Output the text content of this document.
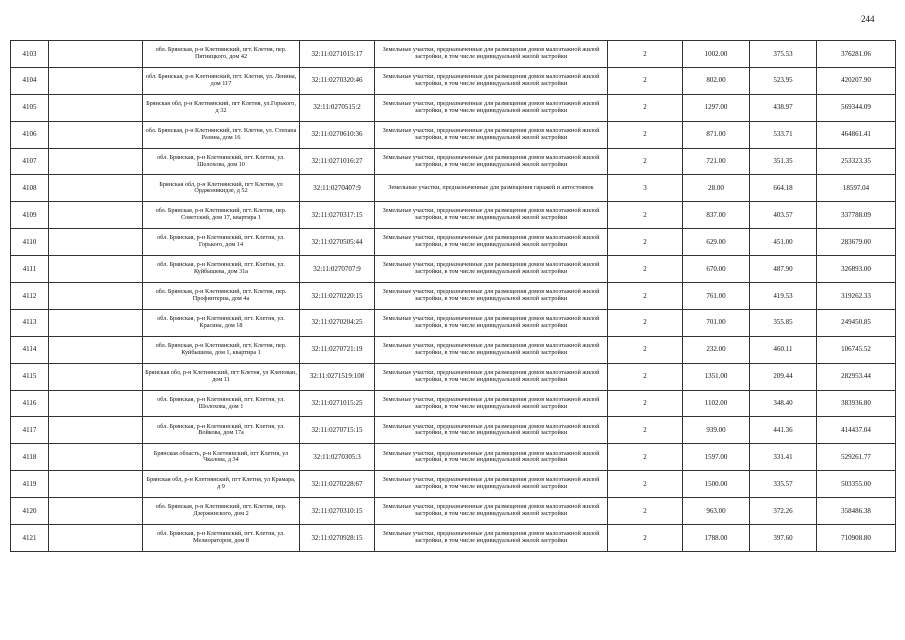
244
4103		обл. Брянская, р-н Клетнянский, пгт. Клетня, пер. Пятницкого, дом 42	32:11:0271015:17	Земельные участки, предназначенные для размещения домов малоэтажной жилой застройки, в том числе индивидуальной жилой застройки	2	1002.00	375.53	376281.06
4104		обл. Брянская, р-н Клетнянский, пгт. Клетня, ул. Ленина, дом 117	32:11:0270320:46	Земельные участки, предназначенные для размещения домов малоэтажной жилой застройки, в том числе индивидуальной жилой застройки	2	802.00	523.95	420207.90
4105		Брянская обл, р-н Клетнянский, пгт Клетня, ул.Горького, д 32	32:11:0270515:2	Земельные участки, предназначенные для размещения домов малоэтажной жилой застройки, в том числе индивидуальной жилой застройки	2	1297.00	438.97	569344.09
4106		обл. Брянская, р-н Клетнянский, пгт. Клетня, ул. Степана Разина, дом 16	32:11:0270610:36	Земельные участки, предназначенные для размещения домов малоэтажной жилой застройки, в том числе индивидуальной жилой застройки	2	871.00	533.71	464861.41
4107		обл. Брянская, р-н Клетнянский, пгт. Клетня, ул. Шолохова, дом 10	32:11:0271016:27	Земельные участки, предназначенные для размещения домов малоэтажной жилой застройки, в том числе индивидуальной жилой застройки	2	721.00	351.35	253323.35
4108		Брянская обл, р-н Клетнянский, пгт Клетня, ул Орджоникидзе, д 52	32:11:0270407:9	Земельные участки, предназначенные для размещения гаражей и автостоянок	3	28.00	664.18	18597.04
4109		обл. Брянская, р-н Клетнянский, пгт. Клетня, пер. Советский, дом 17, квартира 1	32:11:0270317:15	Земельные участки, предназначенные для размещения домов малоэтажной жилой застройки, в том числе индивидуальной жилой застройки	2	837.00	403.57	337788.09
4110		обл. Брянская, р-н Клетнянский, пгт. Клетня, ул. Горького, дом 14	32:11:0270505:44	Земельные участки, предназначенные для размещения домов малоэтажной жилой застройки, в том числе индивидуальной жилой застройки	2	629.00	451.00	283679.00
4111		обл. Брянская, р-н Клетнянский, пгт. Клетня, ул. Куйбышева, дом 31а	32:11:0270707:9	Земельные участки, предназначенные для размещения домов малоэтажной жилой застройки, в том числе индивидуальной жилой застройки	2	670.00	487.90	326893.00
4112		обл. Брянская, р-н Клетнянский, пгт. Клетня, пер. Профинтерна, дом 4а	32:11:0270220:15	Земельные участки, предназначенные для размещения домов малоэтажной жилой застройки, в том числе индивидуальной жилой застройки	2	761.00	419.53	319262.33
4113		обл. Брянская, р-н Клетнянский, пгт. Клетня, ул. Красина, дом 18	32:11:0270204:25	Земельные участки, предназначенные для размещения домов малоэтажной жилой застройки, в том числе индивидуальной жилой застройки	2	701.00	355.85	249450.85
4114		обл. Брянская, р-н Клетнянский, пгт. Клетня, пер. Куйбышева, дом 1, квартира 1	32:11:0270721:19	Земельные участки, предназначенные для размещения домов малоэтажной жилой застройки, в том числе индивидуальной жилой застройки	2	232.00	460.11	106745.52
4115		Брянская обл, р-н Клетнянский, пгт Клетня, ул Клепован, дом 11	32:11:0271519:108	Земельные участки, предназначенные для размещения домов малоэтажной жилой застройки, в том числе индивидуальной жилой застройки	2	1351.00	209.44	282953.44
4116		обл. Брянская, р-н Клетнянский, пгт. Клетня, ул. Шолохова, дом 1	32:11:0271015:25	Земельные участки, предназначенные для размещения домов малоэтажной жилой застройки, в том числе индивидуальной жилой застройки	2	1102.00	348.40	383936.80
4117		обл. Брянская, р-н Клетнянский, пгт. Клетня, ул. Войкова, дом 17а	32:11:0270715:15	Земельные участки, предназначенные для размещения домов малоэтажной жилой застройки, в том числе индивидуальной жилой застройки	2	939.00	441.36	414437.04
4118		Брянская область, р-н Клетнянский, пгт Клетня, ул Чкалова, д 34	32:11:0270305:3	Земельные участки, предназначенные для размещения домов малоэтажной жилой застройки, в том числе индивидуальной жилой застройки	2	1597.00	331.41	529261.77
4119		Брянская обл, р-н Клетнянский, пгт Клетня, ул Крамара, д 9	32:11:0270228:67	Земельные участки, предназначенные для размещения домов малоэтажной жилой застройки, в том числе индивидуальной жилой застройки	2	1500.00	335.57	503355.00
4120		обл. Брянская, р-н Клетнянский, пгт. Клетня, пер. Дзержинского, дом 2	32:11:0270310:15	Земельные участки, предназначенные для размещения домов малоэтажной жилой застройки, в том числе индивидуальной жилой застройки	2	963.00	372.26	358486.38
4121		обл. Брянская, р-н Клетнянский, пгт. Клетня, ул. Мелиораторов, дом 8	32:11:0270928:15	Земельные участки, предназначенные для размещения домов малоэтажной жилой застройки, в том числе индивидуальной жилой застройки	2	1788.00	397.60	710908.80
